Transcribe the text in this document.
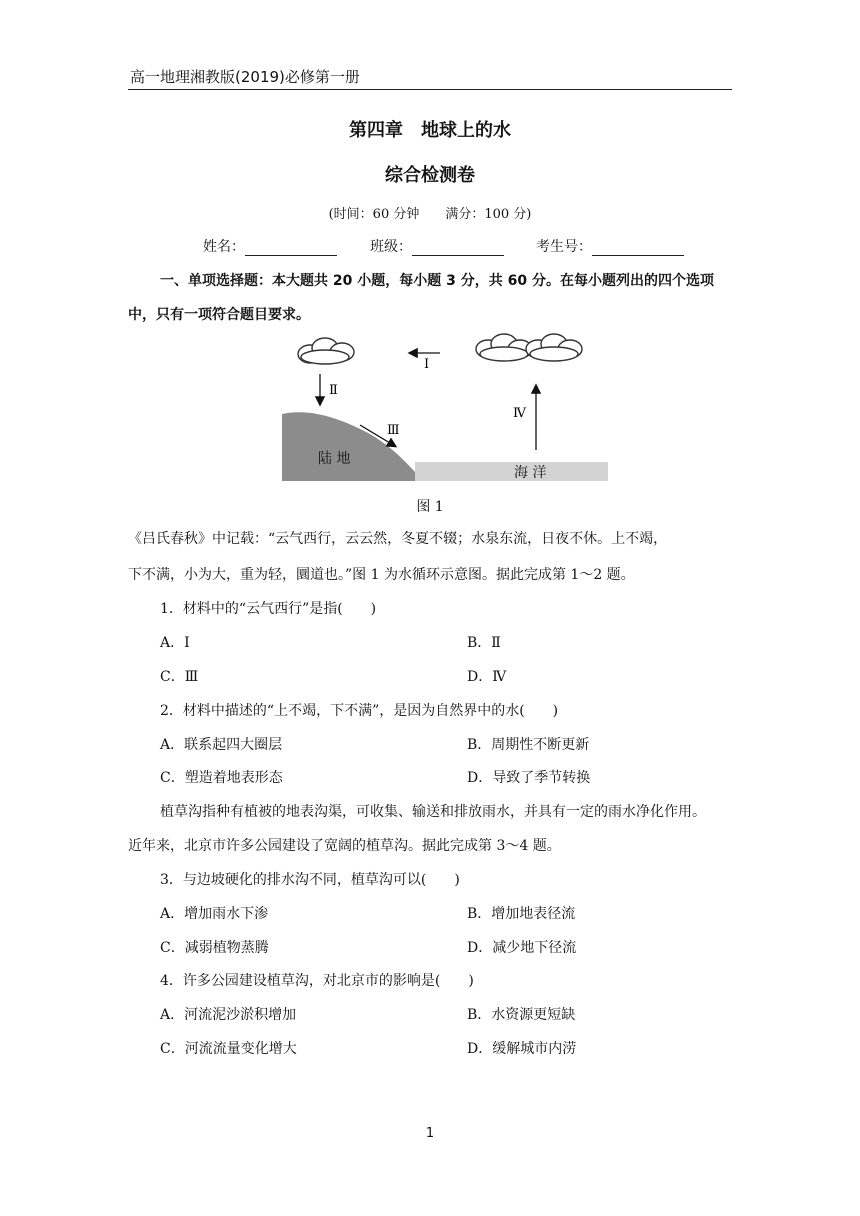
高一地理湘教版(2019)必修第一册
第四章　地球上的水
综合检测卷
(时间：60 分钟　　满分：100 分)
姓名：	班级：	考生号：
一、单项选择题：本大题共 20 小题，每小题 3 分，共 60 分。在每小题列出的四个选项
中，只有一项符合题目要求。
Ⅰ
Ⅱ
陆 地
Ⅲ
海 洋
Ⅳ
图 1
《吕氏春秋》中记载：“云气西行，云云然，冬夏不辍；水泉东流，日夜不休。上不竭，
下不满，小为大，重为轻，圜道也。”图 1 为水循环示意图。据此完成第 1～2 题。
1．材料中的“云气西行”是指(　　)
A．Ⅰ	B．Ⅱ
C．Ⅲ	D．Ⅳ
2．材料中描述的“上不竭，下不满”，是因为自然界中的水(　　)
A．联系起四大圈层	B．周期性不断更新
C．塑造着地表形态	D．导致了季节转换
植草沟指种有植被的地表沟渠，可收集、输送和排放雨水，并具有一定的雨水净化作用。
近年来，北京市许多公园建设了宽阔的植草沟。据此完成第 3～4 题。
3．与边坡硬化的排水沟不同，植草沟可以(　　)
A．增加雨水下渗	B．增加地表径流
C．减弱植物蒸腾	D．减少地下径流
4．许多公园建设植草沟，对北京市的影响是(　　)
A．河流泥沙淤积增加	B．水资源更短缺
C．河流流量变化增大	D．缓解城市内涝
1
